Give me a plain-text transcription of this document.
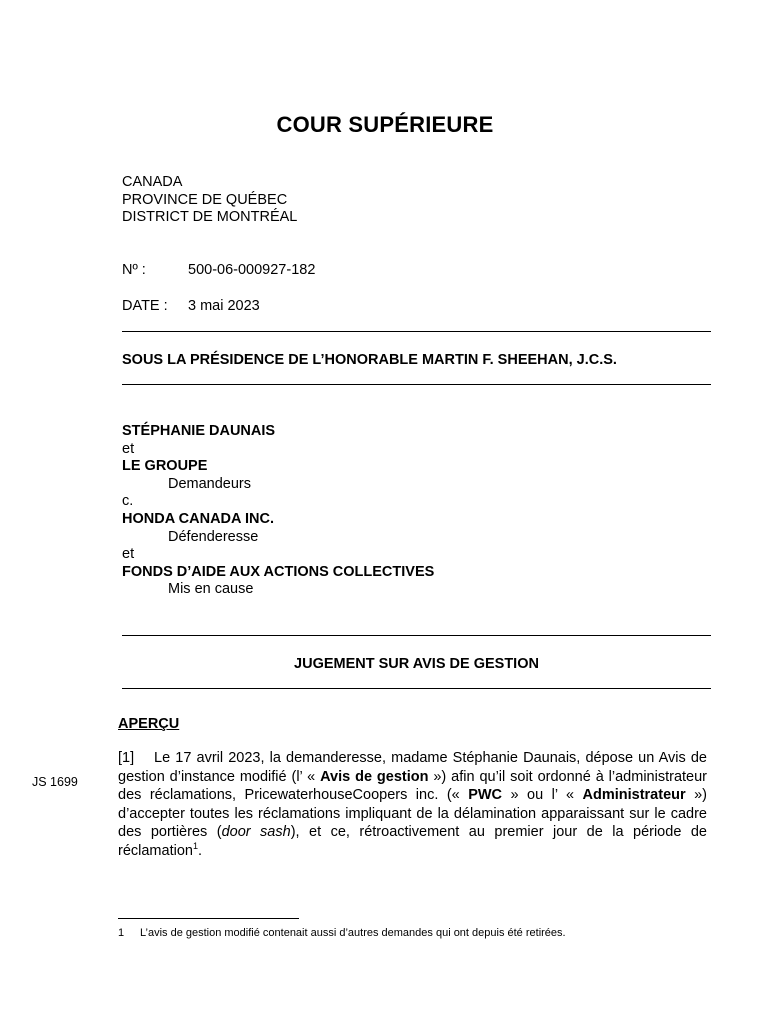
COUR SUPÉRIEURE
CANADA
PROVINCE DE QUÉBEC
DISTRICT DE MONTRÉAL
Nº :	500-06-000927-182
DATE : 3 mai 2023
SOUS LA PRÉSIDENCE DE L’HONORABLE MARTIN F. SHEEHAN, J.C.S.
STÉPHANIE DAUNAIS
et
LE GROUPE
Demandeurs
c.
HONDA CANADA INC.
Défenderesse
et
FONDS D’AIDE AUX ACTIONS COLLECTIVES
Mis en cause
JUGEMENT SUR AVIS DE GESTION
APERÇU
JS 1699
[1] Le 17 avril 2023, la demanderesse, madame Stéphanie Daunais, dépose un Avis de gestion d’instance modifié (l’ « Avis de gestion ») afin qu’il soit ordonné à l’administrateur des réclamations, PricewaterhouseCoopers inc. (« PWC » ou l’ « Administrateur ») d’accepter toutes les réclamations impliquant de la délamination apparaissant sur le cadre des portières (door sash), et ce, rétroactivement au premier jour de la période de réclamation$^1$.
1 L’avis de gestion modifié contenait aussi d’autres demandes qui ont depuis été retirées.
